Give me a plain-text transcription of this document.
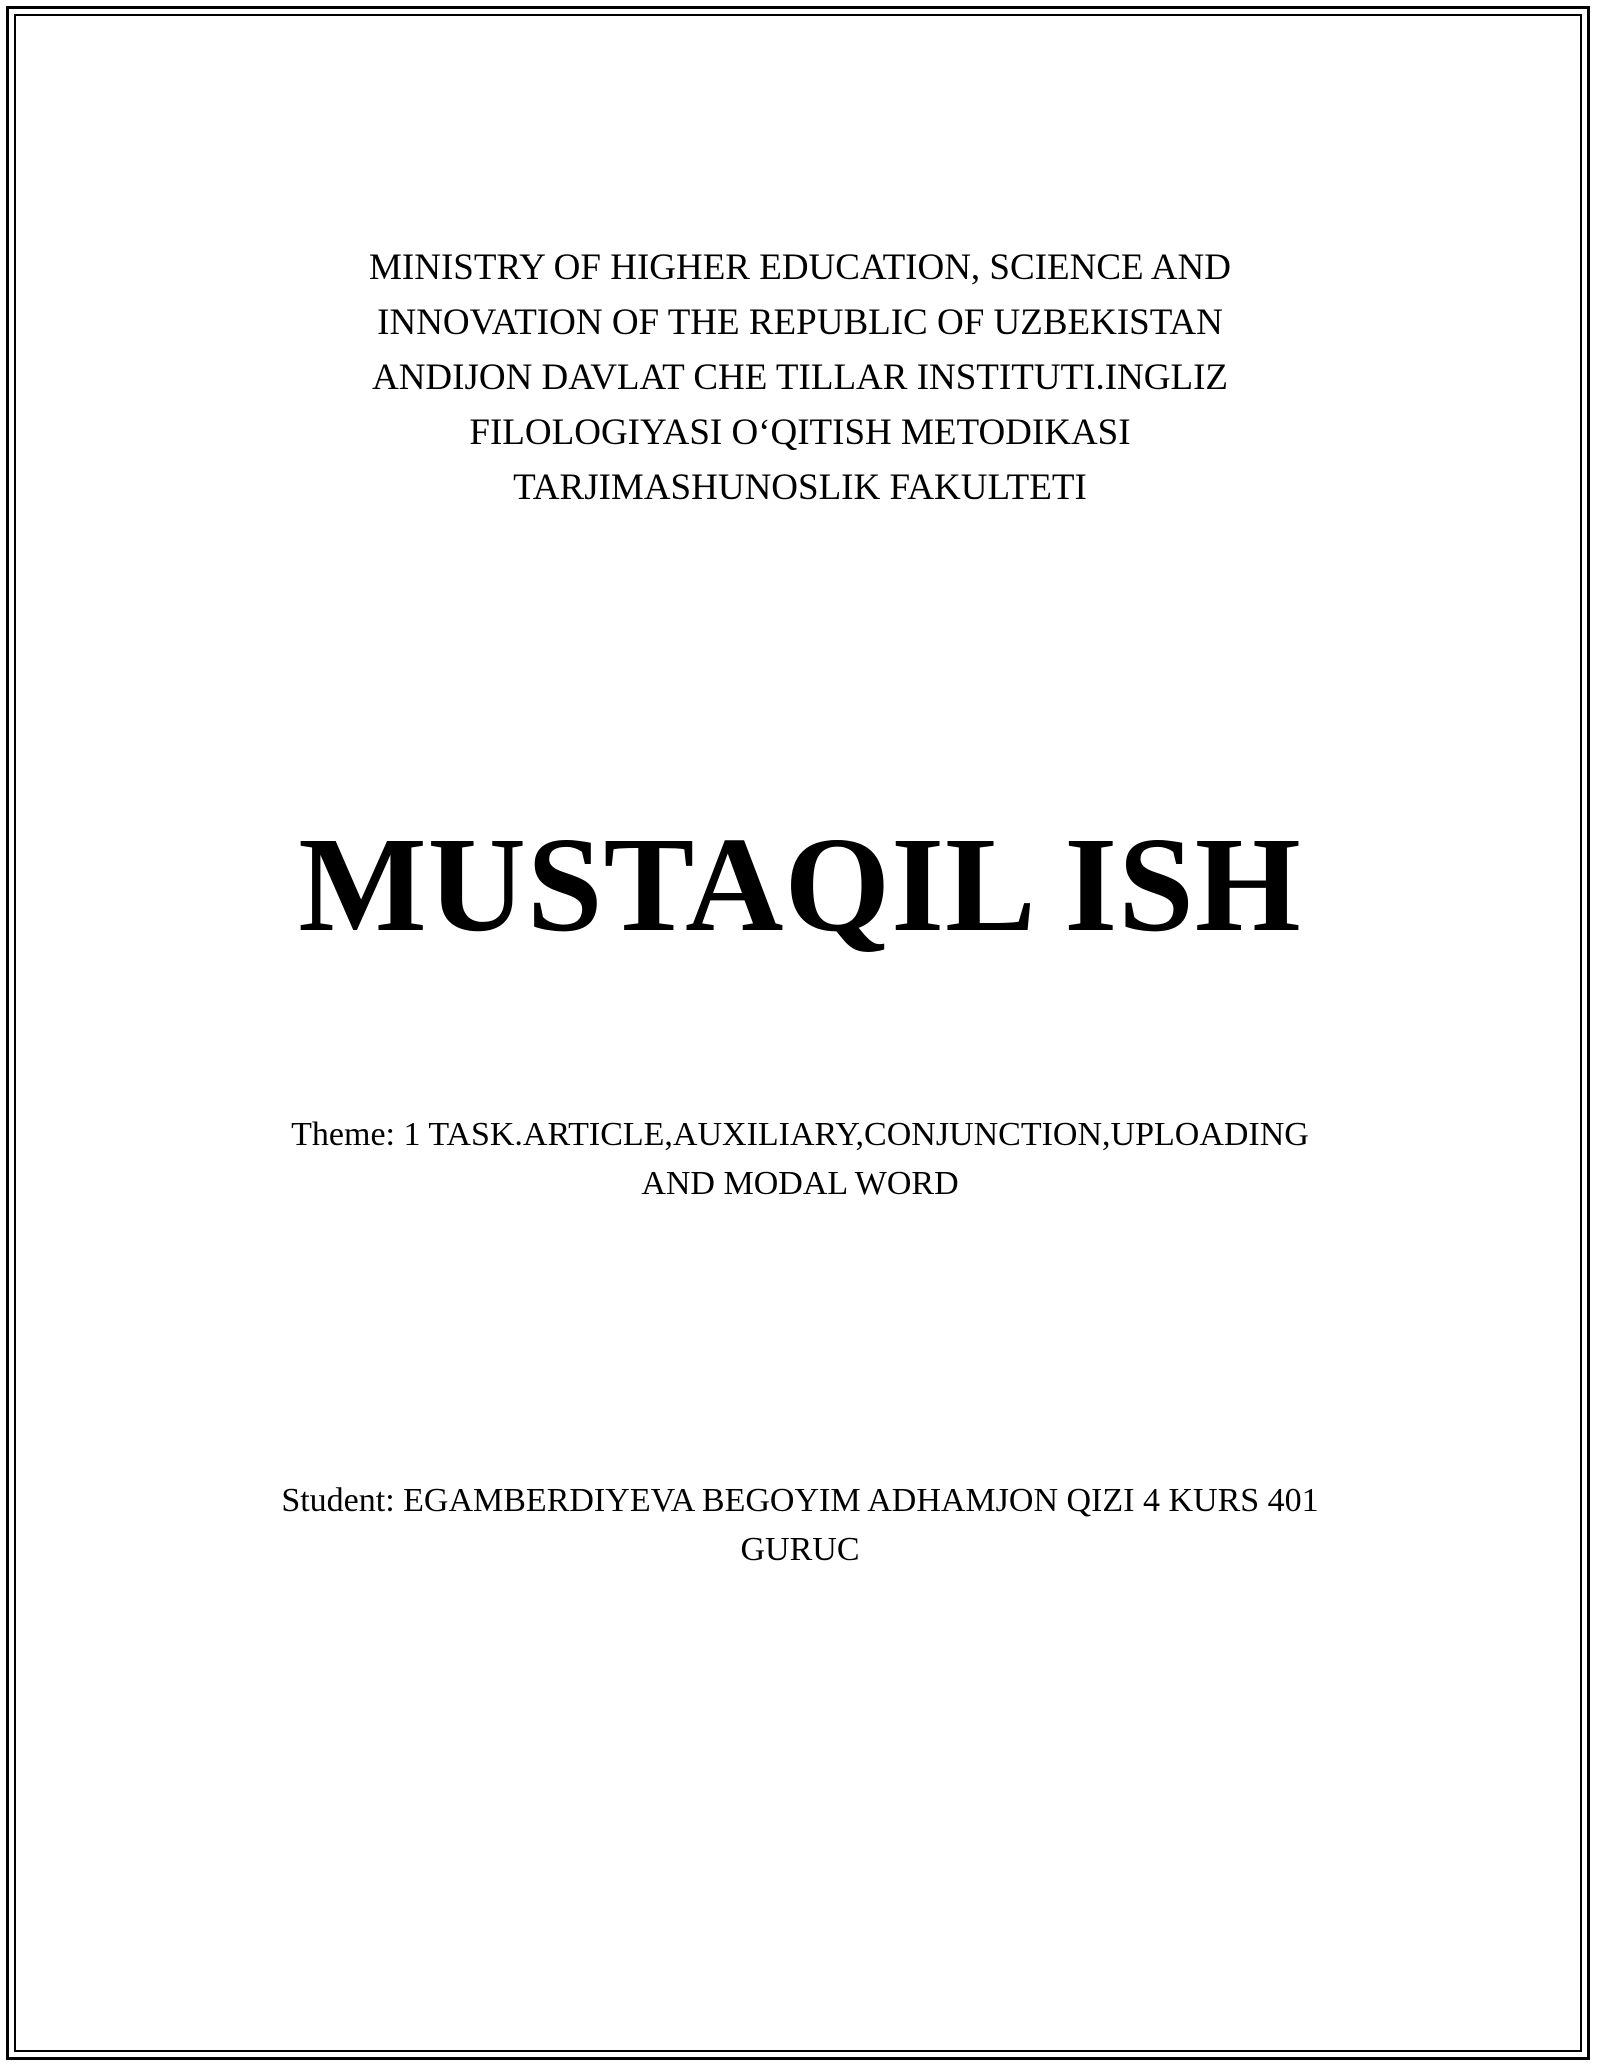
MINISTRY OF HIGHER EDUCATION, SCIENCE AND
INNOVATION OF THE REPUBLIC OF UZBEKISTAN
ANDIJON DAVLAT CHE TILLAR INSTITUTI.INGLIZ
FILOLOGIYASI O‘QITISH METODIKASI
TARJIMASHUNOSLIK FAKULTETI
MUSTAQIL ISH
Theme: 1 TASK.ARTICLE,AUXILIARY,CONJUNCTION,UPLOADING
AND MODAL WORD
Student: EGAMBERDIYEVA BEGOYIM ADHAMJON QIZI 4 KURS 401
GURUC
